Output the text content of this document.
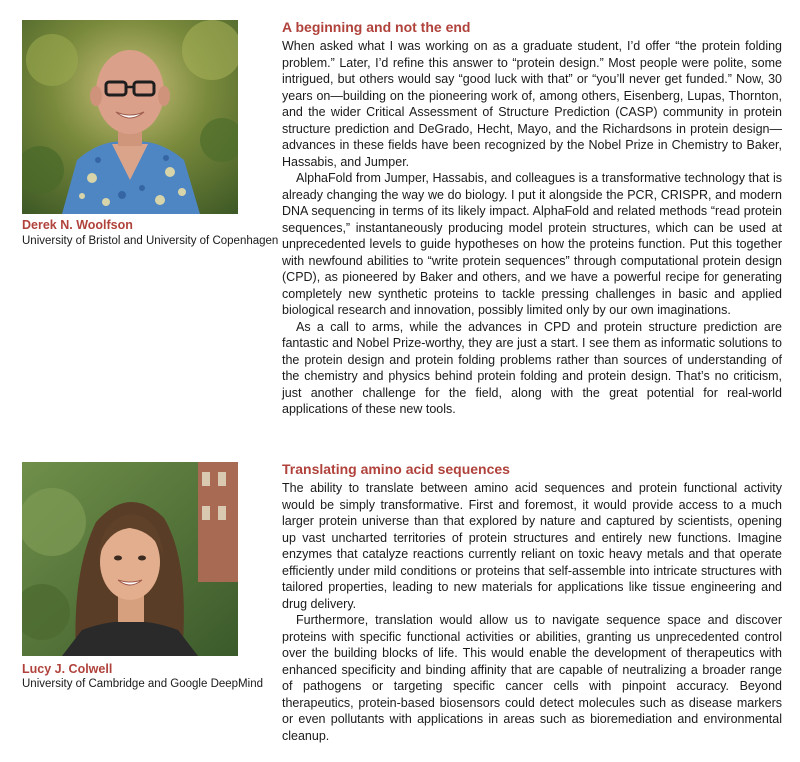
Derek N. Woolfson
University of Bristol and University of Copenhagen
A beginning and not the end

When asked what I was working on as a graduate student, I’d offer “the protein folding problem.” Later, I’d refine this answer to “protein design.” Most people were polite, some intrigued, but others would say “good luck with that” or “you’ll never get funded.” Now, 30 years on—building on the pioneering work of, among others, Eisenberg, Lupas, Thornton, and the wider Critical Assessment of Structure Prediction (CASP) community in protein structure prediction and DeGrado, Hecht, Mayo, and the Richardsons in protein design—advances in these fields have been recognized by the Nobel Prize in Chemistry to Baker, Hassabis, and Jumper.

AlphaFold from Jumper, Hassabis, and colleagues is a transformative technology that is already changing the way we do biology. I put it alongside the PCR, CRISPR, and modern DNA sequencing in terms of its likely impact. AlphaFold and related methods “read protein sequences,” instantaneously producing model protein structures, which can be used at unprecedented levels to guide hypotheses on how the proteins function. Put this together with newfound abilities to “write protein sequences” through computational protein design (CPD), as pioneered by Baker and others, and we have a powerful recipe for generating completely new synthetic proteins to tackle pressing challenges in basic and applied biological research and innovation, possibly limited only by our own imaginations.

As a call to arms, while the advances in CPD and protein structure prediction are fantastic and Nobel Prize-worthy, they are just a start. I see them as informatic solutions to the protein design and protein folding problems rather than sources of understanding of the chemistry and physics behind protein folding and protein design. That’s no criticism, just another challenge for the field, along with the great potential for real-world applications of these new tools.

Lucy J. Colwell
University of Cambridge and Google DeepMind
Translating amino acid sequences

The ability to translate between amino acid sequences and protein functional activity would be simply transformative. First and foremost, it would provide access to a much larger protein universe than that explored by nature and captured by scientists, opening up vast uncharted territories of protein structures and entirely new functions. Imagine enzymes that catalyze reactions currently reliant on toxic heavy metals and that operate efficiently under mild conditions or proteins that self-assemble into intricate structures with tailored properties, leading to new materials for applications like tissue engineering and drug delivery.

Furthermore, translation would allow us to navigate sequence space and discover proteins with specific functional activities or abilities, granting us unprecedented control over the building blocks of life. This would enable the development of therapeutics with enhanced specificity and binding affinity that are capable of neutralizing a broader range of pathogens or targeting specific cancer cells with pinpoint accuracy. Beyond therapeutics, protein-based biosensors could detect molecules such as disease markers or even pollutants with applications in areas such as bioremediation and environmental cleanup.
